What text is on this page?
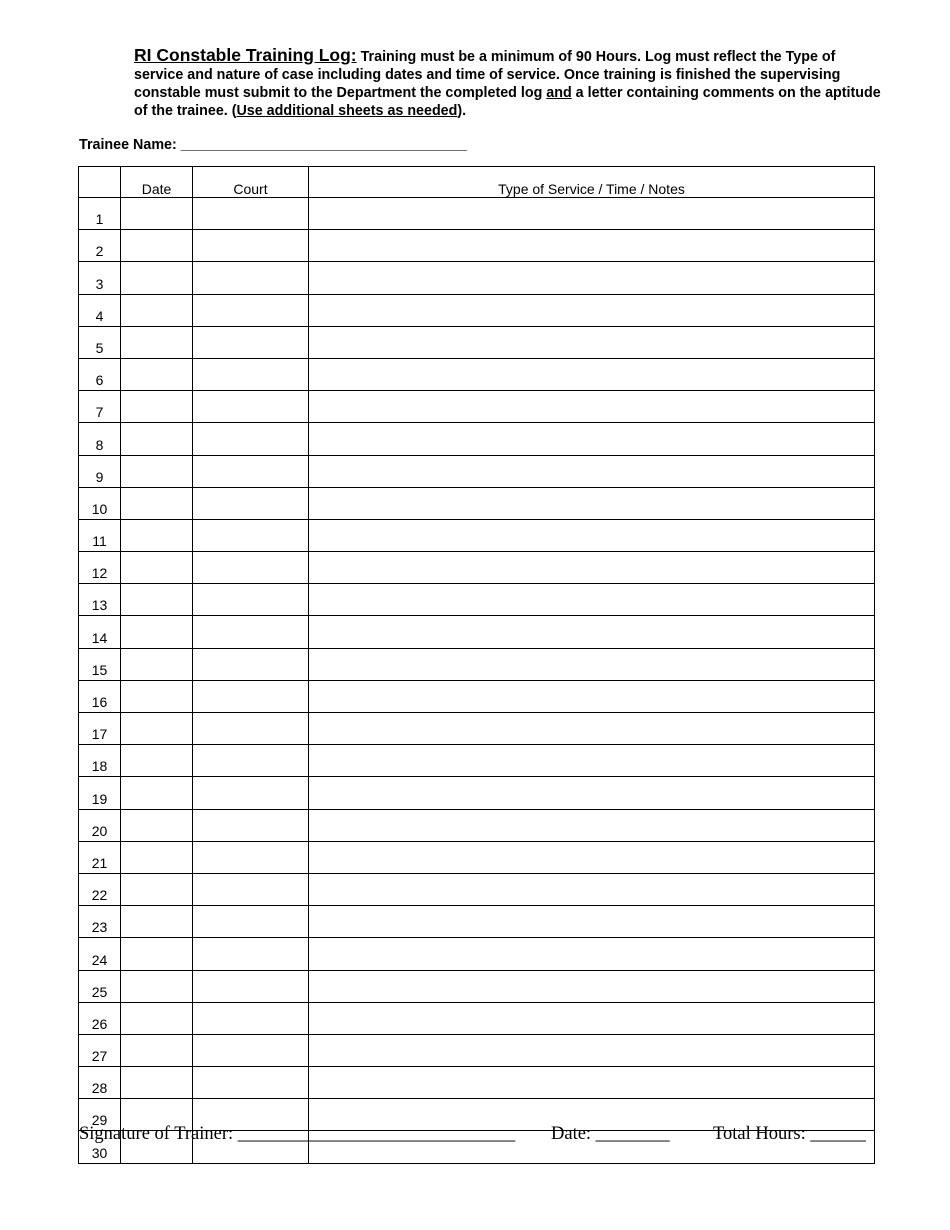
RI Constable Training Log: Training must be a minimum of 90 Hours. Log must reflect the Type of service and nature of case including dates and time of service. Once training is finished the supervising constable must submit to the Department the completed log and a letter containing comments on the aptitude of the trainee. (Use additional sheets as needed).
Trainee Name: ____________________________________
	Date	Court	Type of Service / Time / Notes
1			
2			
3			
4			
5			
6			
7			
8			
9			
10			
11			
12			
13			
14			
15			
16			
17			
18			
19			
20			
21			
22			
23			
24			
25			
26			
27			
28			
29			
30			
Signature of Trainer: ______________________________ Date: ________ Total Hours: ______
